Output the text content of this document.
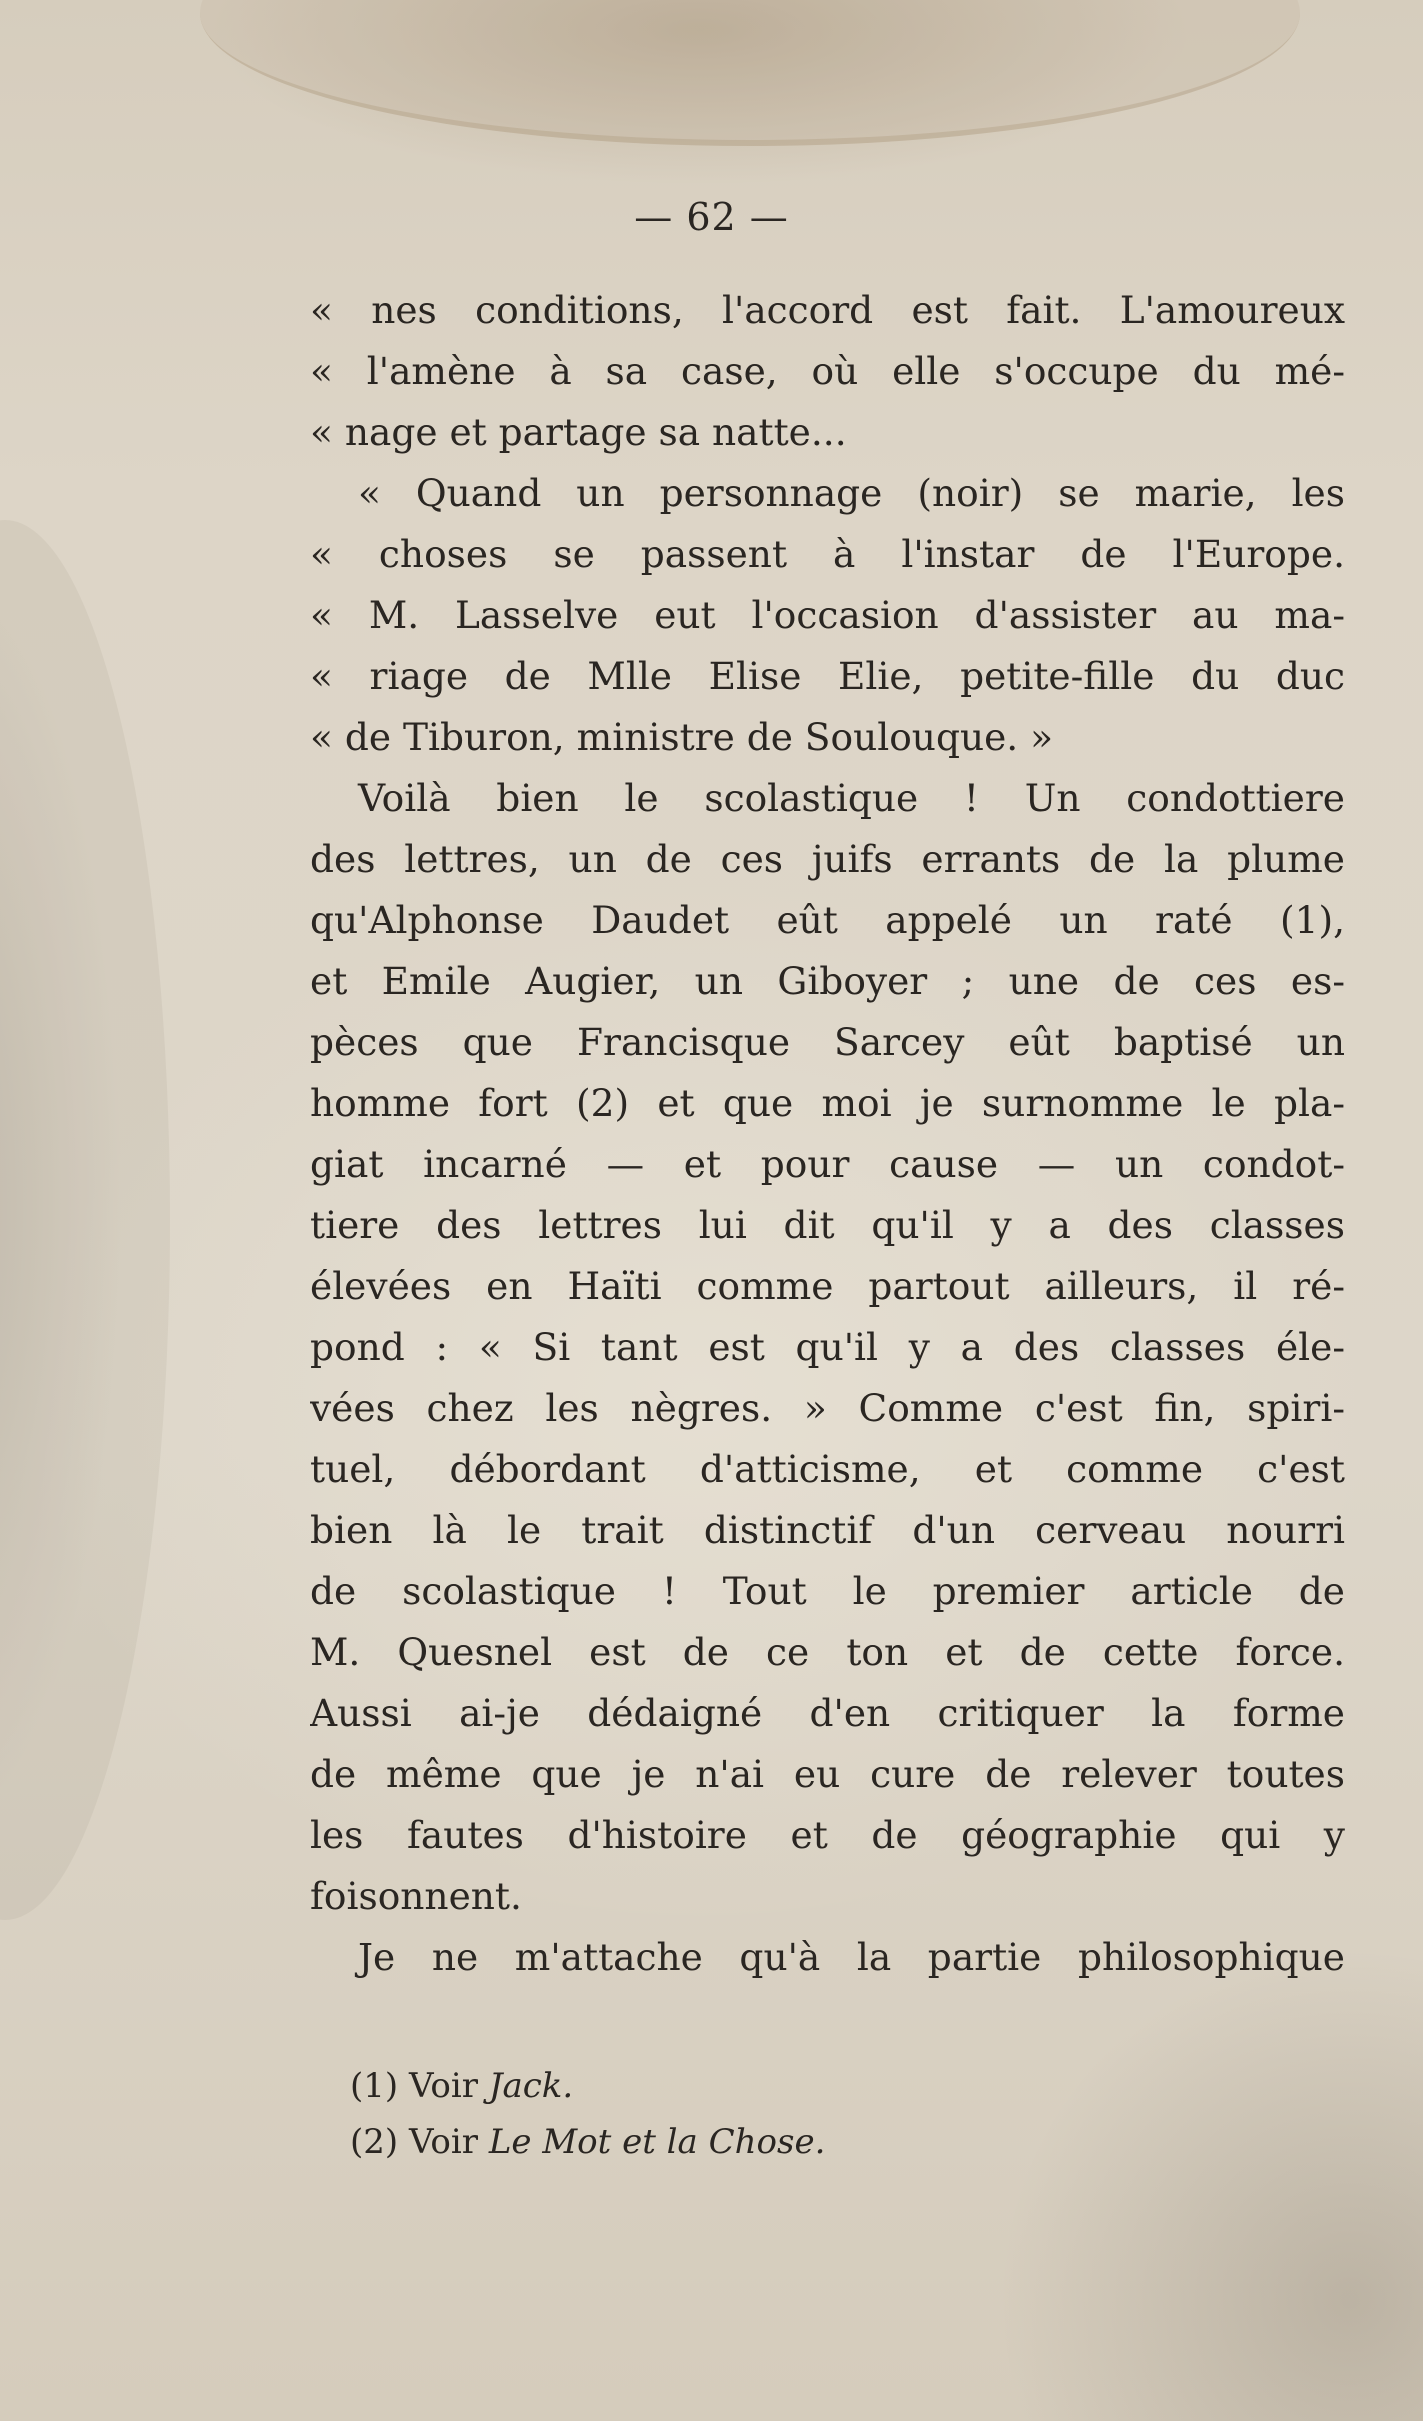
— 62 —
« nes conditions, l'accord est fait. L'amoureux
« l'amène à sa case, où elle s'occupe du mé-
« nage et partage sa natte...
« Quand un personnage (noir) se marie, les
« choses se passent à l'instar de l'Europe.
« M. Lasselve eut l'occasion d'assister au ma-
« riage de Mlle Elise Elie, petite-fille du duc
« de Tiburon, ministre de Soulouque. »
Voilà bien le scolastique ! Un condottiere
des lettres, un de ces juifs errants de la plume
qu'Alphonse Daudet eût appelé un raté (1),
et Emile Augier, un Giboyer ; une de ces es-
pèces que Francisque Sarcey eût baptisé un
homme fort (2) et que moi je surnomme le pla-
giat incarné — et pour cause — un condot-
tiere des lettres lui dit qu'il y a des classes
élevées en Haïti comme partout ailleurs, il ré-
pond : « Si tant est qu'il y a des classes éle-
vées chez les nègres. » Comme c'est fin, spiri-
tuel, débordant d'atticisme, et comme c'est
bien là le trait distinctif d'un cerveau nourri
de scolastique ! Tout le premier article de
M. Quesnel est de ce ton et de cette force.
Aussi ai-je dédaigné d'en critiquer la forme
de même que je n'ai eu cure de relever toutes
les fautes d'histoire et de géographie qui y
foisonnent.
Je ne m'attache qu'à la partie philosophique
(1) Voir Jack.
(2) Voir Le Mot et la Chose.
